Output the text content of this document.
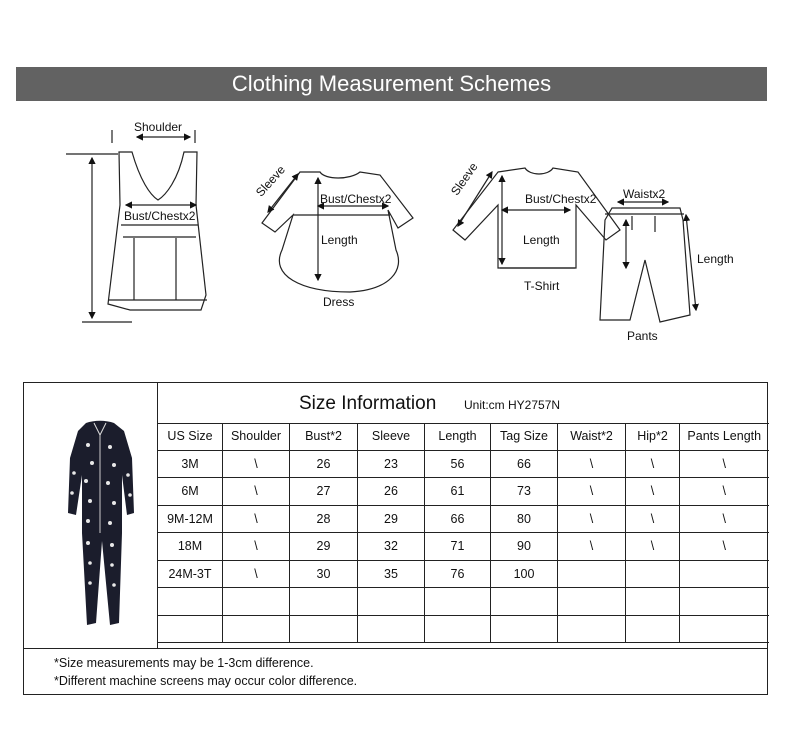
Clothing Measurement Schemes
Shoulder
Bust/Chestx2
Sleeve	Bust/Chestx2
Length
Dress
Sleeve
Bust/Chestx2
Length
T-Shirt
Waistx2
Length
Pants
Size Information Unit:cm HY2757N
US Size	Shoulder	Bust*2	Sleeve	Length	Tag Size	Waist*2	Hip*2	Pants Length
3M	\	26	23	56	66	\	\	\
6M	\	27	26	61	73	\	\	\
9M-12M	\	28	29	66	80	\	\	\
18M	\	29	32	71	90	\	\	\
24M-3T	\	30	35	76	100			

*Size measurements may be 1-3cm difference.
*Different machine screens may occur color difference.
